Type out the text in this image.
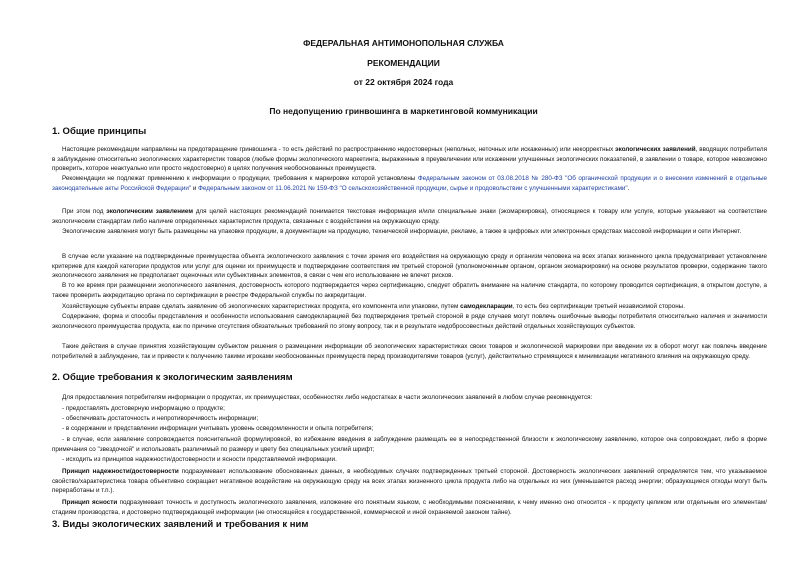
ФЕДЕРАЛЬНАЯ АНТИМОНОПОЛЬНАЯ СЛУЖБА

РЕКОМЕНДАЦИИ

от 22 октября 2024 года

По недопущению гринвошинга в маркетинговой коммуникации

1. Общие принципы

Настоящие рекомендации направлены на предотвращение гринвошинга - то есть действий по распространению недостоверных (неполных, неточных или искаженных) или некорректных экологических заявлений, вводящих потребителя в заблуждение относительно экологических характеристик товаров (любые формы экологического маркетинга, выраженные в преувеличении или искажении улучшенных экологических показателей, в заявлении о товаре, которое невозможно проверить, которое неактуально или просто недостоверно) в целях получения необоснованных преимуществ.

Рекомендации не подлежат применению к информации о продукции, требования к маркировке которой установлены Федеральным законом от 03.08.2018 № 280-ФЗ "Об органической продукции и о внесении изменений в отдельные законодательные акты Российской Федерации" и Федеральным законом от 11.06.2021 № 159-ФЗ "О сельскохозяйственной продукции, сырье и продовольствии с улучшенными характеристиками".

При этом под экологическим заявлением для целей настоящих рекомендаций понимается текстовая информация и/или специальные знаки (экомаркировка), относящиеся к товару или услуге, которые указывают на соответствие экологическим стандартам либо наличие определенных характеристик продукта, связанных с воздействием на окружающую среду.

Экологические заявления могут быть размещены на упаковке продукции, в документации на продукцию, технической информации, рекламе, а также в цифровых или электронных средствах массовой информации и сети Интернет.

В случае если указание на подтвержденные преимущества объекта экологического заявления с точки зрения его воздействия на окружающую среду и организм человека на всех этапах жизненного цикла предусматривает установление критериев для каждой категории продуктов или услуг для оценки их преимуществ и подтверждение соответствия им третьей стороной (уполномоченным органом, органом экомаркировки) на основе результатов проверки, содержание такого экологического заявления не предполагает оценочных или субъективных элементов, в связи с чем его использование не влечет рисков.

В то же время при размещении экологического заявления, достоверность которого подтверждается через сертификацию, следует обратить внимание на наличие стандарта, по которому проводится сертификация, в открытом доступе, а также проверить аккредитацию органа по сертификации в реестре Федеральной службы по аккредитации.

Хозяйствующие субъекты вправе сделать заявление об экологических характеристиках продукта, его компонента или упаковки, путем самодекларации, то есть без сертификации третьей независимой стороны.

Содержание, форма и способы представления и особенности использования самодекларацией без подтверждения третьей стороной в ряде случаев могут повлечь ошибочные выводы потребителя относительно наличия и значимости экологического преимущества продукта, как по причине отсутствия обязательных требований по этому вопросу, так и в результате недобросовестных действий отдельных хозяйствующих субъектов.

Такие действия в случае принятия хозяйствующим субъектом решения о размещении информации об экологических характеристиках своих товаров и экологической маркировки при введении их в оборот могут как повлечь введение потребителей в заблуждение, так и привести к получению такими игроками необоснованных преимуществ перед производителями товаров (услуг), действительно стремящихся к минимизации негативного влияния на окружающую среду.

2. Общие требования к экологическим заявлениям

Для предоставления потребителям информации о продуктах, их преимуществах, особенностях либо недостатках в части экологических заявлений в любом случае рекомендуется:

- предоставлять достоверную информацию о продукте;

- обеспечивать достаточность и непротиворечивость информации;

- в содержании и представлении информации учитывать уровень осведомленности и опыта потребителя;

- в случае, если заявление сопровождается пояснительной формулировкой, во избежание введения в заблуждение размещать ее в непосредственной близости к экологическому заявлению, которое она сопровождает, либо в форме примечания со "звездочкой" и использовать различимый по размеру и цвету без специальных усилий шрифт;

- исходить из принципов надежности/достоверности и ясности представляемой информации.

Принцип надежности/достоверности подразумевает использование обоснованных данных, в необходимых случаях подтвержденных третьей стороной. Достоверность экологических заявлений определяется тем, что указываемое свойство/характеристика товара объективно сокращает негативное воздействие на окружающую среду на всех этапах жизненного цикла продукта либо на отдельных из них (уменьшается расход энергии; образующиеся отходы могут быть переработаны и т.п.).

Принцип ясности подразумевает точность и доступность экологического заявления, изложение его понятным языком, с необходимыми пояснениями, к чему именно оно относится - к продукту целиком или отдельным его элементам/стадиям производства, и достоверно подтверждающей информации (не относящейся к государственной, коммерческой и иной охраняемой законом тайне).

3. Виды экологических заявлений и требования к ним
